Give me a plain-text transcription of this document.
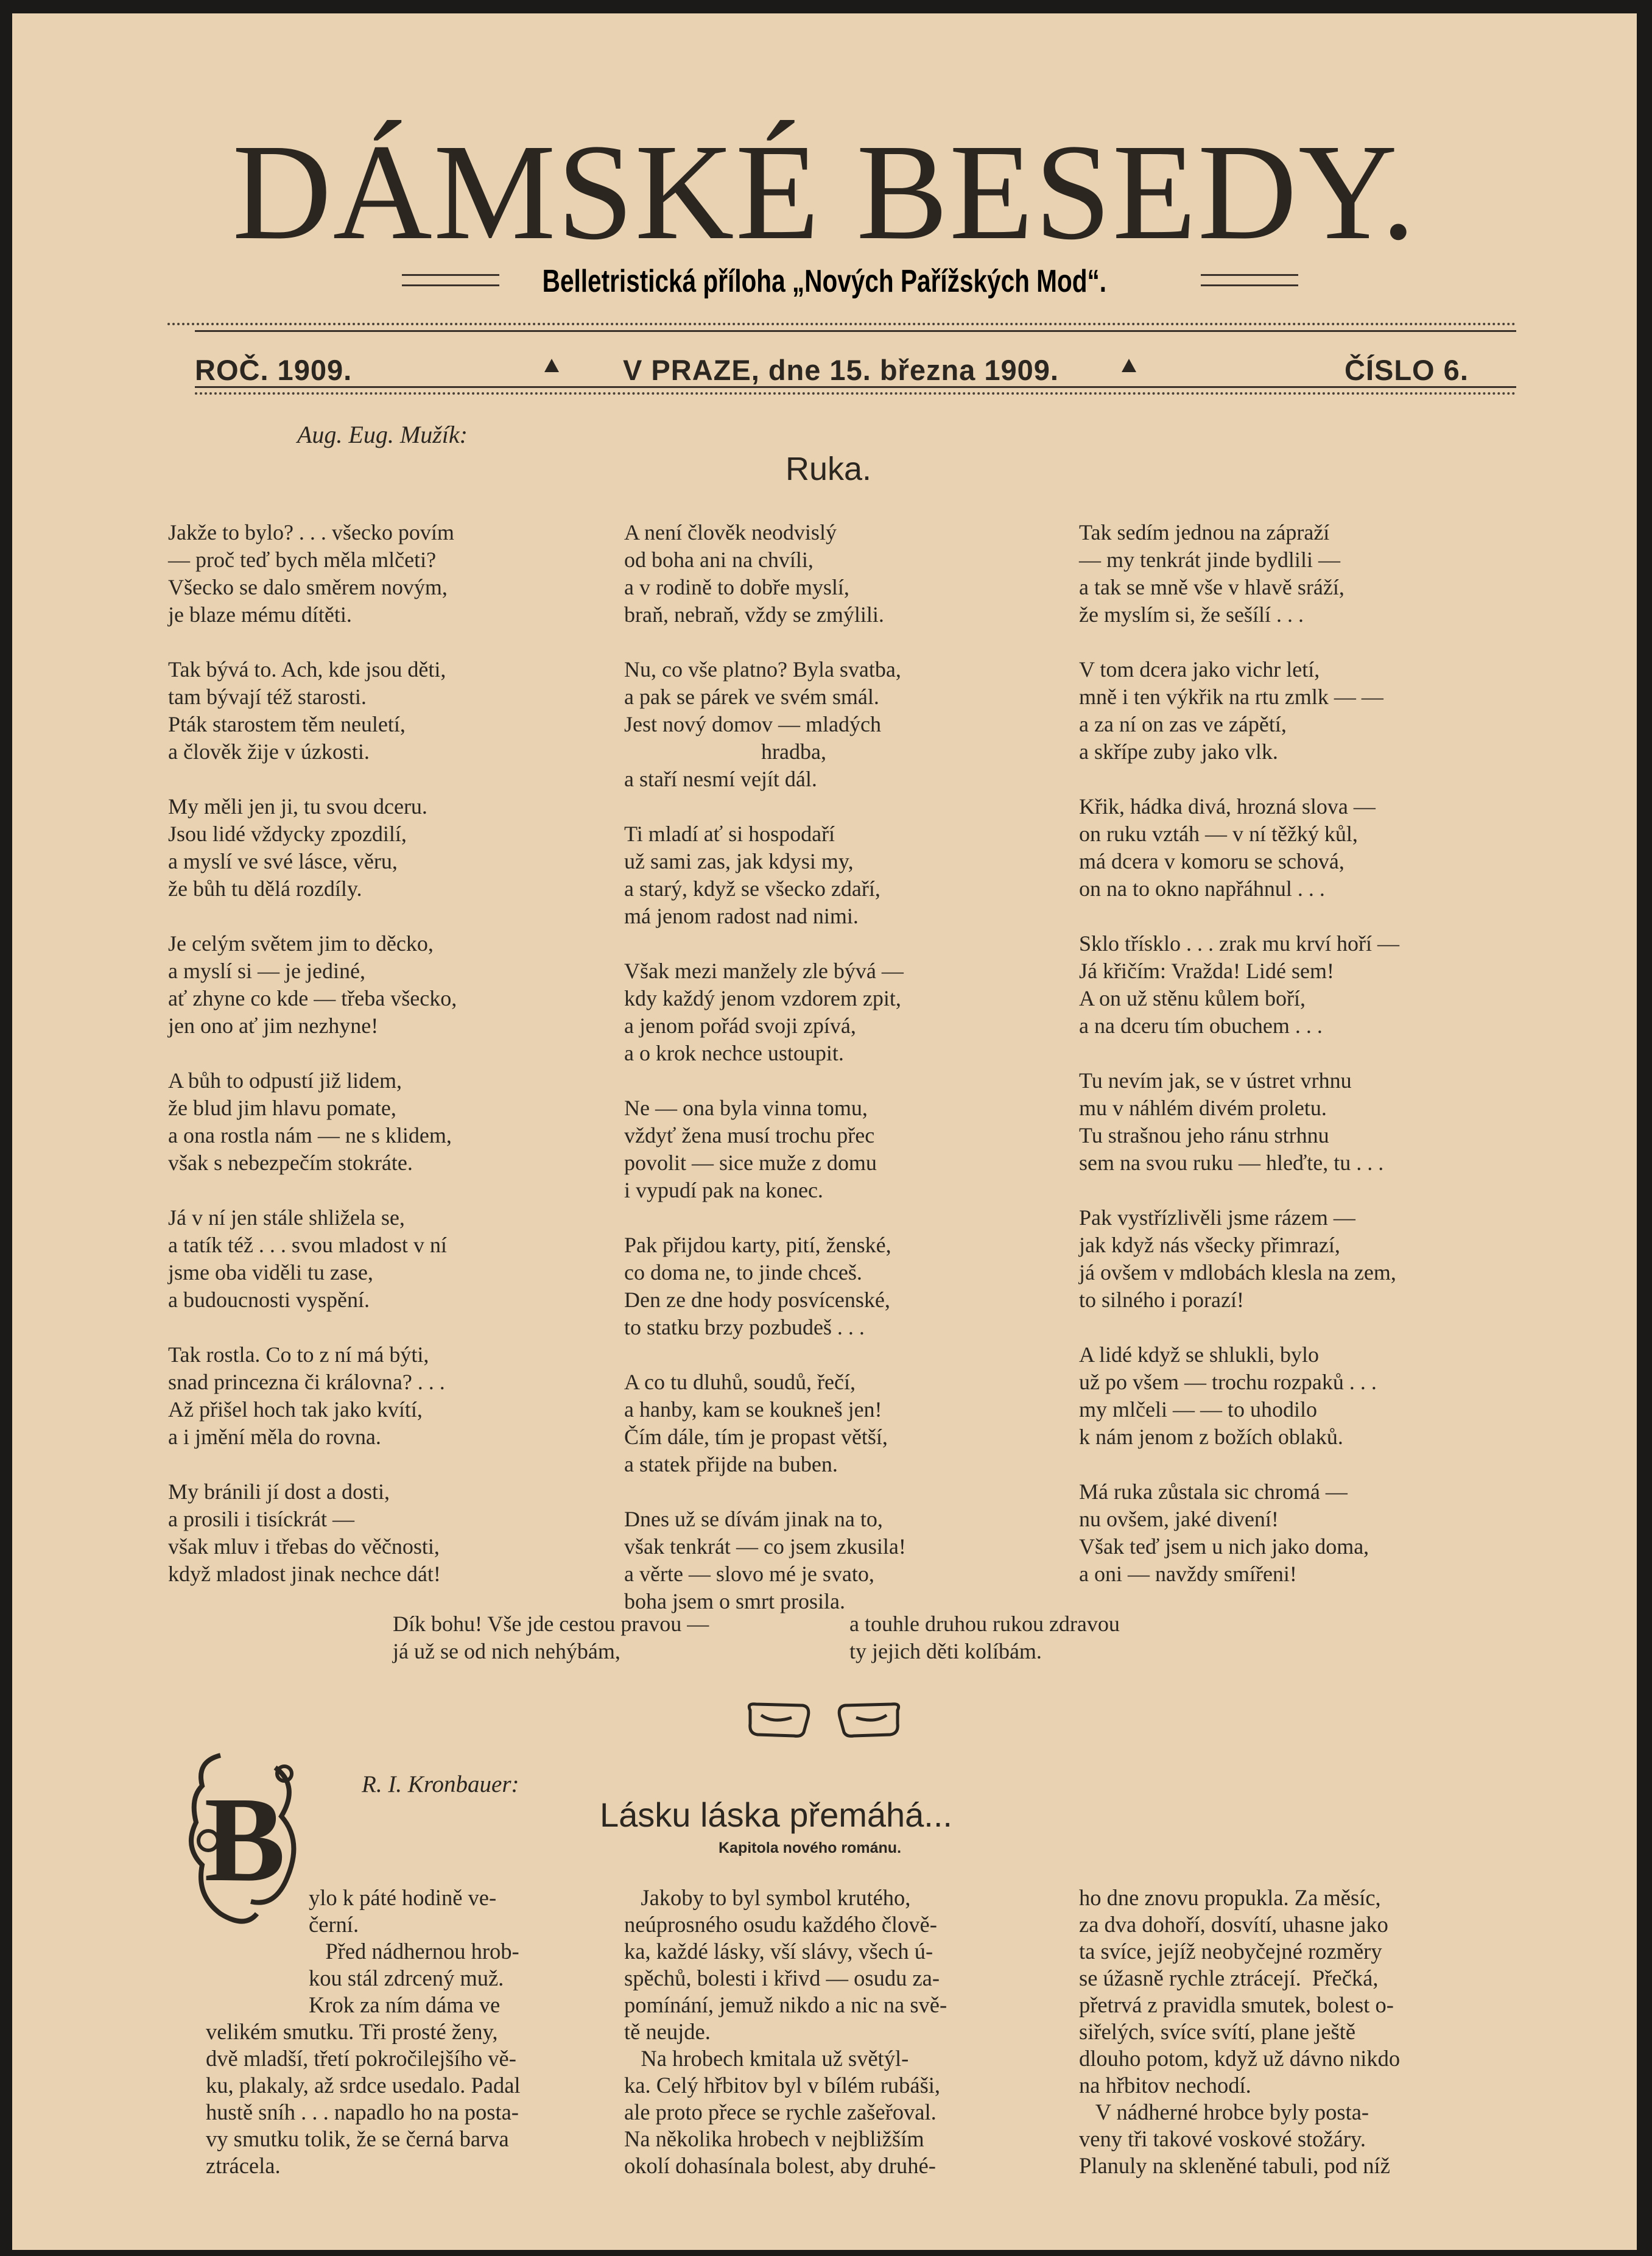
DÁMSKÉ BESEDY.
Belletristická příloha „Nových Pařížských Mod“.
ROČ. 1909.	V PRAZE, dne 15. března 1909.	ČÍSLO 6.
Aug. Eug. Mužík:
Ruka.
Jakže to bylo? . . . všecko povím
— proč teď bych měla mlčeti?
Všecko se dalo směrem novým,
je blaze mému dítěti.

Tak bývá to. Ach, kde jsou děti,
tam bývají též starosti.
Pták starostem těm neuletí,
a člověk žije v úzkosti.

My měli jen ji, tu svou dceru.
Jsou lidé vždycky zpozdilí,
a myslí ve své lásce, věru,
že bůh tu dělá rozdíly.

Je celým světem jim to děcko,
a myslí si — je jediné,
ať zhyne co kde — třeba všecko,
jen ono ať jim nezhyne!

A bůh to odpustí již lidem,
že blud jim hlavu pomate,
a ona rostla nám — ne s klidem,
však s nebezpečím stokráte.

Já v ní jen stále shližela se,
a tatík též . . . svou mladost v ní
jsme oba viděli tu zase,
a budoucnosti vyspění.

Tak rostla. Co to z ní má býti,
snad princezna či královna? . . .
Až přišel hoch tak jako kvítí,
a i jmění měla do rovna.

My bránili jí dost a dosti,
a prosili i tisíckrát —
však mluv i třebas do věčnosti,
když mladost jinak nechce dát!
A není člověk neodvislý
od boha ani na chvíli,
a v rodině to dobře myslí,
braň, nebraň, vždy se zmýlili.

Nu, co vše platno? Byla svatba,
a pak se párek ve svém smál.
Jest nový domov — mladých
hradba,
a staří nesmí vejít dál.

Ti mladí ať si hospodaří
už sami zas, jak kdysi my,
a starý, když se všecko zdaří,
má jenom radost nad nimi.

Však mezi manžely zle bývá —
kdy každý jenom vzdorem zpit,
a jenom pořád svoji zpívá,
a o krok nechce ustoupit.

Ne — ona byla vinna tomu,
vždyť žena musí trochu přec
povolit — sice muže z domu
i vypudí pak na konec.

Pak přijdou karty, pití, ženské,
co doma ne, to jinde chceš.
Den ze dne hody posvícenské,
to statku brzy pozbudeš . . .

A co tu dluhů, soudů, řečí,
a hanby, kam se koukneš jen!
Čím dále, tím je propast větší,
a statek přijde na buben.

Dnes už se dívám jinak na to,
však tenkrát — co jsem zkusila!
a věrte — slovo mé je svato,
boha jsem o smrt prosila.
Tak sedím jednou na zápraží
— my tenkrát jinde bydlili —
a tak se mně vše v hlavě sráží,
že myslím si, že sešílí . . .

V tom dcera jako vichr letí,
mně i ten výkřik na rtu zmlk — —
a za ní on zas ve zápětí,
a skřípe zuby jako vlk.

Křik, hádka divá, hrozná slova —
on ruku vztáh — v ní těžký kůl,
má dcera v komoru se schová,
on na to okno napřáhnul . . .

Sklo třísklo . . . zrak mu krví hoří —
Já křičím: Vražda! Lidé sem!
A on už stěnu kůlem boří,
a na dceru tím obuchem . . .

Tu nevím jak, se v ústret vrhnu
mu v náhlém divém proletu.
Tu strašnou jeho ránu strhnu
sem na svou ruku — hleďte, tu . . .

Pak vystřízlivěli jsme rázem —
jak když nás všecky přimrazí,
já ovšem v mdlobách klesla na zem,
to silného i porazí!

A lidé když se shlukli, bylo
už po všem — trochu rozpaků . . .
my mlčeli — — to uhodilo
k nám jenom z božích oblaků.

Má ruka zůstala sic chromá —
nu ovšem, jaké divení!
Však teď jsem u nich jako doma,
a oni — navždy smířeni!
Dík bohu! Vše jde cestou pravou —
já už se od nich nehýbám,
a touhle druhou rukou zdravou
ty jejich děti kolíbám.
B	R. I. Kronbauer:
Lásku láska přemáhá...
Kapitola nového románu.
ylo k páté hodině ve-
černí.
Před nádhernou hrob-
kou stál zdrcený muž.
Krok za ním dáma ve
velikém smutku. Tři prosté ženy,
dvě mladší, třetí pokročilejšího vě-
ku, plakaly, až srdce usedalo. Padal
hustě sníh . . . napadlo ho na posta-
vy smutku tolik, že se černá barva
ztrácela.
Jakoby to byl symbol krutého,
neúprosného osudu každého člově-
ka, každé lásky, vší slávy, všech ú-
spěchů, bolesti i křivd — osudu za-
pomínání, jemuž nikdo a nic na svě-
tě neujde.
Na hrobech kmitala už světýl-
ka. Celý hřbitov byl v bílém rubáši,
ale proto přece se rychle zašeřoval.
Na několika hrobech v nejbližším
okolí dohasínala bolest, aby druhé-
ho dne znovu propukla. Za měsíc,
za dva dohoří, dosvítí, uhasne jako
ta svíce, jejíž neobyčejné rozměry
se úžasně rychle ztrácejí.  Přečká,
přetrvá z pravidla smutek, bolest o-
siřelých, svíce svítí, plane ještě
dlouho potom, když už dávno nikdo
na hřbitov nechodí.
V nádherné hrobce byly posta-
veny tři takové voskové stožáry.
Planuly na skleněné tabuli, pod níž
